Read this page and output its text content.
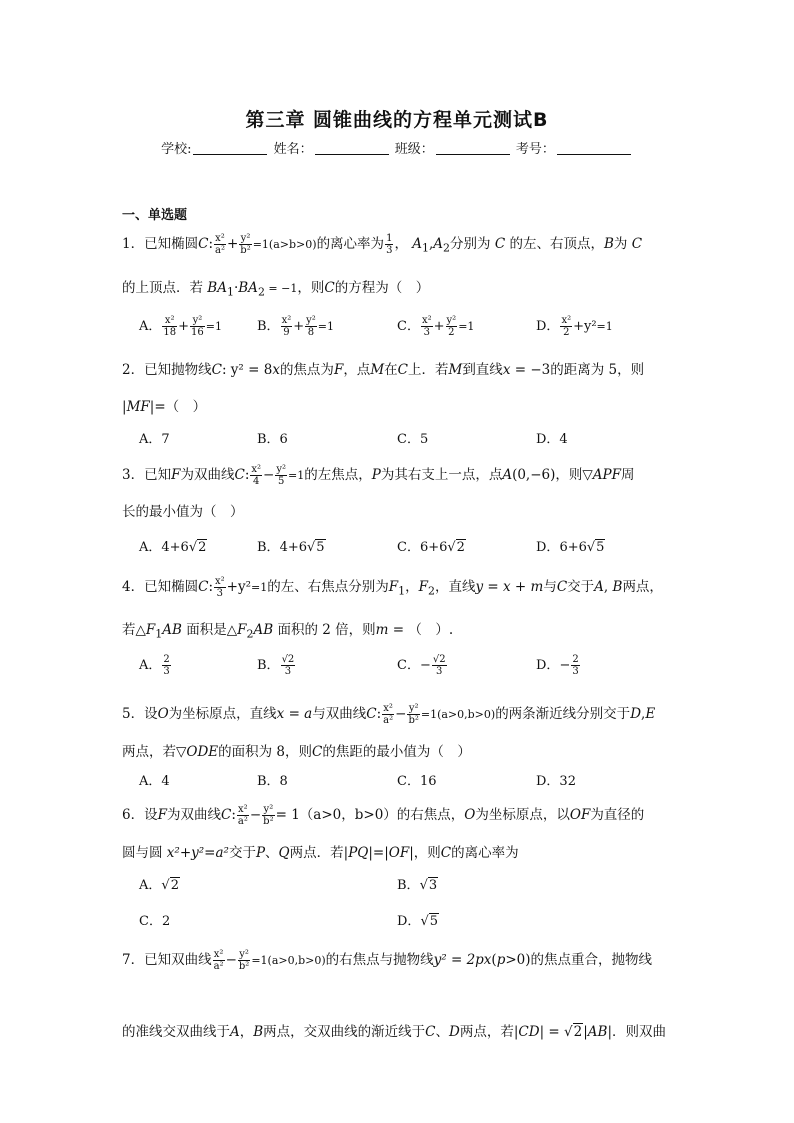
第三章 圆锥曲线的方程单元测试B
学校:	姓名：	班级：	考号：
一、单选题
1．已知椭圆C: $\frac{\text{x²}}{\text{a²}} + \frac{\text{y²}}{\text{b²}} =1(a>b>0)$的离心率为 $\frac{1}{3}$ ， $A_1,A_2$分别为 C 的左、右顶点，B为 C
的上顶点．若 $BA_1\cdot BA_2 = -1$，则C的方程为（　）
A． $\frac{\text{x²}}{18} + \frac{\text{y²}}{16} =1$	B． $\frac{\text{x²}}{9} + \frac{\text{y²}}{8} =1$	C． $\frac{\text{x²}}{3} + \frac{\text{y²}}{2} =1$	D． $\frac{\text{x²}}{2} +y^2=1$
2．已知抛物线C: y² = 8x的焦点为F，点M在C上．若M到直线x = −3的距离为 5，则
|MF|=（　）
A．7	B．6	C．5	D．4
3．已知F为双曲线C: $\frac{\text{x²}}{4} - \frac{\text{y²}}{5} =1$的左焦点，P为其右支上一点，点A(0,−6)，则▽APF周
长的最小值为（　）
A．4+6√2	B．4+6√5	C．6+6√2	D．6+6√5
4．已知椭圆C: $\frac{\text{x²}}{3} +y^2=1$的左、右焦点分别为$F_1$，$F_2$，直线y = x + m与C交于A, B两点，
若$\triangle F_1AB$ 面积是$\triangle F_2AB$ 面积的 2 倍，则m = （　）.
A． $\frac{2}{3}$	B． $\frac{√2}{3}$	C．− $\frac{√2}{3}$	D．− $\frac{2}{3}$
5．设O为坐标原点，直线x = a与双曲线C: $\frac{\text{x²}}{\text{a²}} - \frac{\text{y²}}{\text{b²}} =1(a>0,b>0)$的两条渐近线分别交于D,E
两点，若▽ODE的面积为 8，则C的焦距的最小值为（　）
A．4	B．8	C．16	D．32
6．设F为双曲线C: $\frac{\text{x²}}{\text{a²}} - \frac{\text{y²}}{\text{b²}} = 1(a>0$，b>0）的右焦点，O为坐标原点，以OF为直径的
圆与圆 x²+y²=a²交于P、Q两点．若|PQ|=|OF|，则C的离心率为
A．√2	B．√3
C．2	D．√5
7．已知双曲线 $\frac{\text{x²}}{\text{a²}} - \frac{\text{y²}}{\text{b²}} =1(a>0,b>0)$的右焦点与抛物线y² = 2px(p>0)的焦点重合，抛物线
的准线交双曲线于A，B两点，交双曲线的渐近线于C、D两点，若|CD| = √2|AB|．则双曲
